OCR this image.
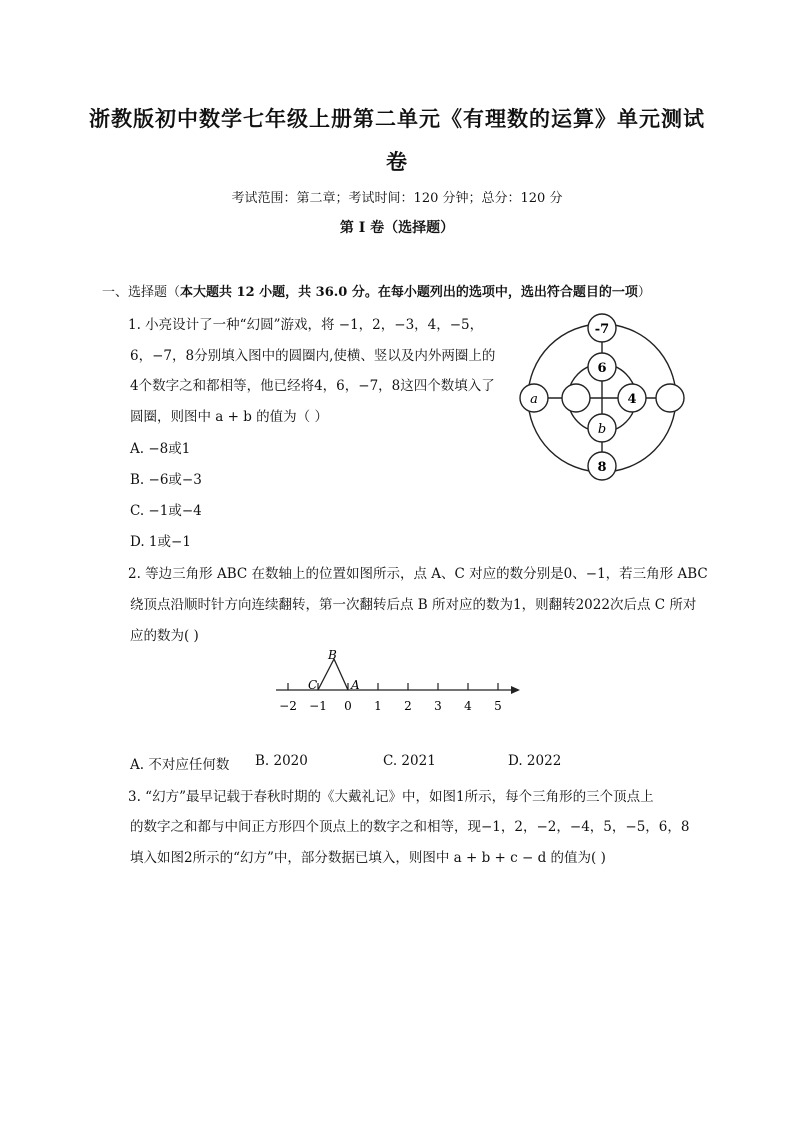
浙教版初中数学七年级上册第二单元《有理数的运算》单元测试
卷
考试范围：第二章；考试时间：120 分钟；总分：120 分
第 I 卷（选择题）
一、选择题（本大题共 12 小题，共 36.0 分。在每小题列出的选项中，选出符合题目的一项）
1. 小亮设计了一种“幻圆”游戏，将 −1，2，−3，4，−5，
6，−7，8分别填入图中的圆圈内,使横、竖以及内外两圈上的
4个数字之和都相等，他已经将4，6，−7，8这四个数填入了
圆圈，则图中 a + b 的值为（ ）
A. −8或1
B. −6或−3
C. −1或−4
D. 1或−1
-7
6
4
8
a
b
2. 等边三角形 ABC 在数轴上的位置如图所示，点 A、C 对应的数分别是0、−1，若三角形 ABC
绕顶点沿顺时针方向连续翻转，第一次翻转后点 B 所对应的数为1，则翻转2022次后点 C 所对
应的数为( )
−2 −1 0 1 2 3 4 5
C
B
A
A. 不对应任何数 B. 2020	C. 2021	D. 2022
3. “幻方”最早记载于春秋时期的《大戴礼记》中，如图1所示，每个三角形的三个顶点上
的数字之和都与中间正方形四个顶点上的数字之和相等，现−1，2，−2，−4，5，−5，6，8
填入如图2所示的“幻方”中，部分数据已填入，则图中 a + b + c − d 的值为( )
